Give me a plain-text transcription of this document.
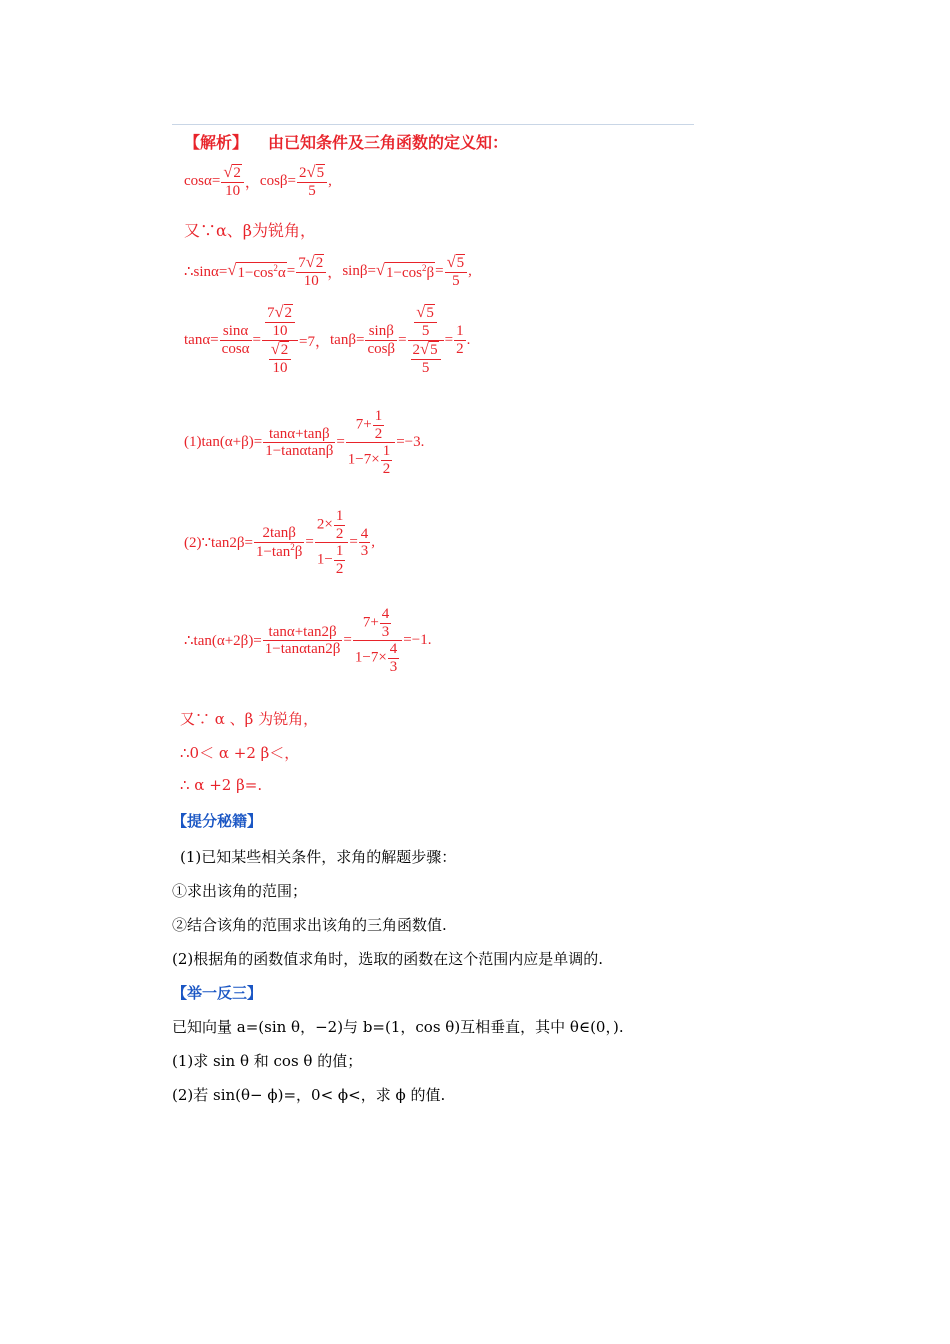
【解析】 由已知条件及三角函数的定义知：
$\cos\alpha= \frac{√ 2}{10}$ ， $\cos\beta= \frac{2 √ 5}{5}$ ,
又∵α、β为锐角，
∴sinα= √ $1-\cos^2\alpha = \frac{7 √ 2}{10}$ ， sinβ= √ $1-\cos^2\beta = \frac{√ 5}{5}$ ,
$\tan\alpha= \frac{\sin\alpha}{\cos\alpha} = \frac{\frac{7 √ 2}{10}}{\frac{√ 2}{10}} =7$， $\tan\beta= \frac{\sin\beta}{\cos\beta} = \frac{\frac{√ 5}{5}}{\frac{2 √ 5}{5}} = \frac{1}{2}$ .
$(1)\tan(\alpha+\beta)= \frac{\tan\alpha+\tan\beta}{1-\tan\alpha\tan\beta} = \frac{7+ \frac{1}{2}}{1-7\times \frac{1}{2}} =-3$.
(2)∵tan2β= $\frac{2\tan\beta}{1-\tan^2\beta} = \frac{2\times \frac{1}{2}}{1- \frac{1}{2}} = \frac{4}{3}$ ,
∴tan(α+2β)= $\frac{\tan\alpha+\tan 2\beta}{1-\tan\alpha\tan 2\beta} = \frac{7+ \frac{4}{3}}{1-7\times \frac{4}{3}} =-1$.
又∵ α 、β 为锐角，
∴0＜ α +2 β＜，
∴ α +2 β=.
【提分秘籍】
(1)已知某些相关条件，求角的解题步骤：
①求出该角的范围；
②结合该角的范围求出该角的三角函数值.
(2)根据角的函数值求角时，选取的函数在这个范围内应是单调的.
【举一反三】
已知向量 a=(sin θ，−2)与 b=(1，cos θ)互相垂直，其中 θ∈(0，).
(1)求 sin θ 和 cos θ 的值；
(2)若 sin(θ− ϕ)=，0< ϕ<，求 ϕ 的值.
